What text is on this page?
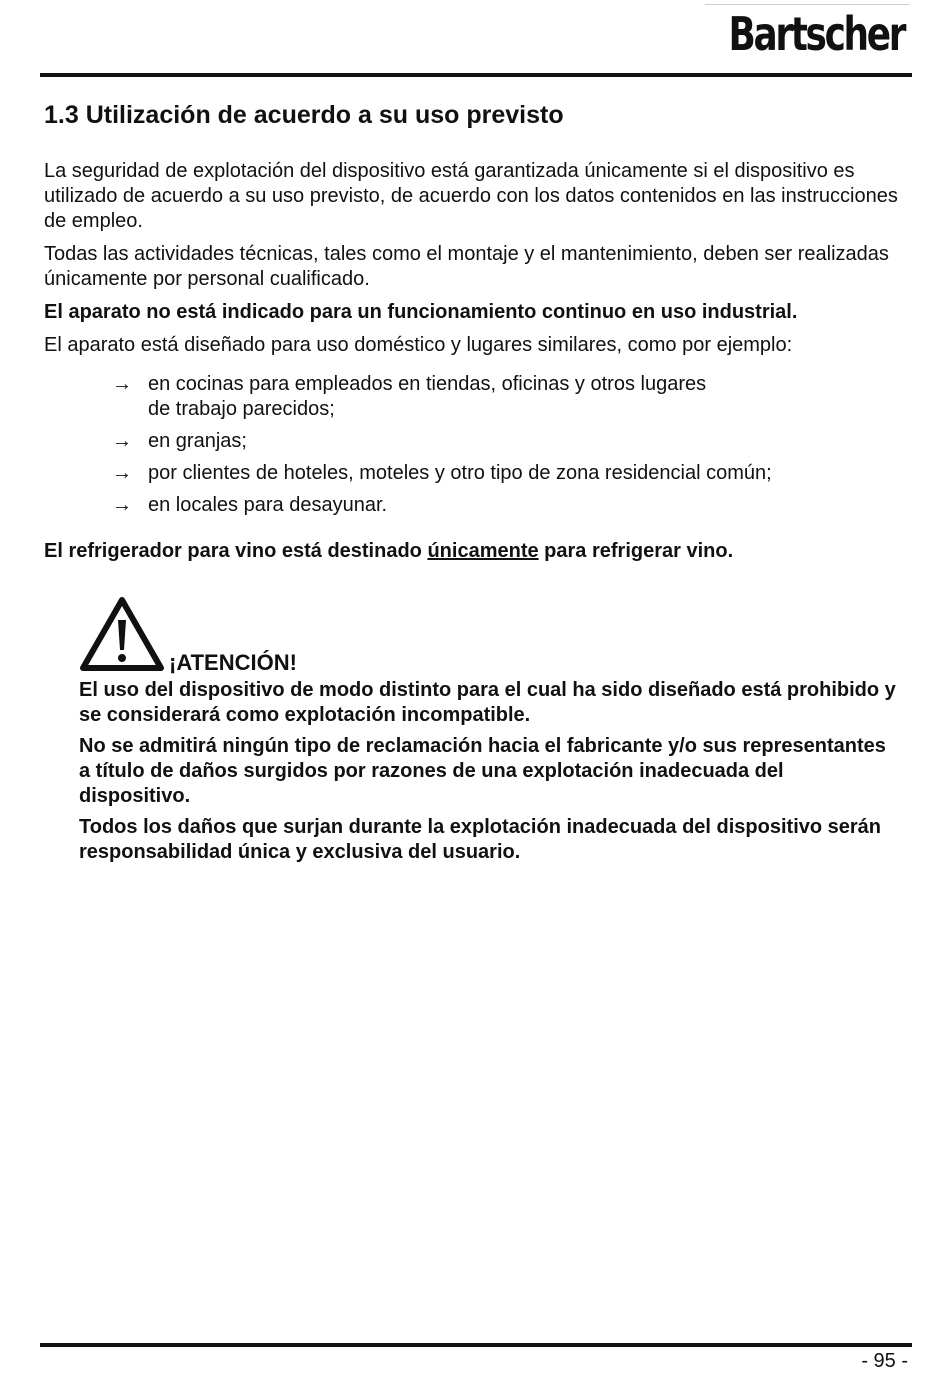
Bartscher
1.3 Utilización de acuerdo a su uso previsto

La seguridad de explotación del dispositivo está garantizada únicamente si el dispositivo es utilizado de acuerdo a su uso previsto, de acuerdo con los datos contenidos en las instrucciones de empleo.

Todas las actividades técnicas, tales como el montaje y el mantenimiento, deben ser realizadas únicamente por personal cualificado.

El aparato no está indicado para un funcionamiento continuo en uso industrial.

El aparato está diseñado para uso doméstico y lugares similares, como por ejemplo:

→ en cocinas para empleados en tiendas, oficinas y otros lugares
de trabajo parecidos;
→ en granjas;
→ por clientes de hoteles, moteles y otro tipo de zona residencial común;
→ en locales para desayunar.

El refrigerador para vino está destinado únicamente para refrigerar vino.

¡ATENCIÓN!

El uso del dispositivo de modo distinto para el cual ha sido diseñado está prohibido y se considerará como explotación incompatible.

No se admitirá ningún tipo de reclamación hacia el fabricante y/o sus representantes a título de daños surgidos por razones de una explotación inadecuada del dispositivo.

Todos los daños que surjan durante la explotación inadecuada del dispositivo serán responsabilidad única y exclusiva del usuario.

- 95 -
